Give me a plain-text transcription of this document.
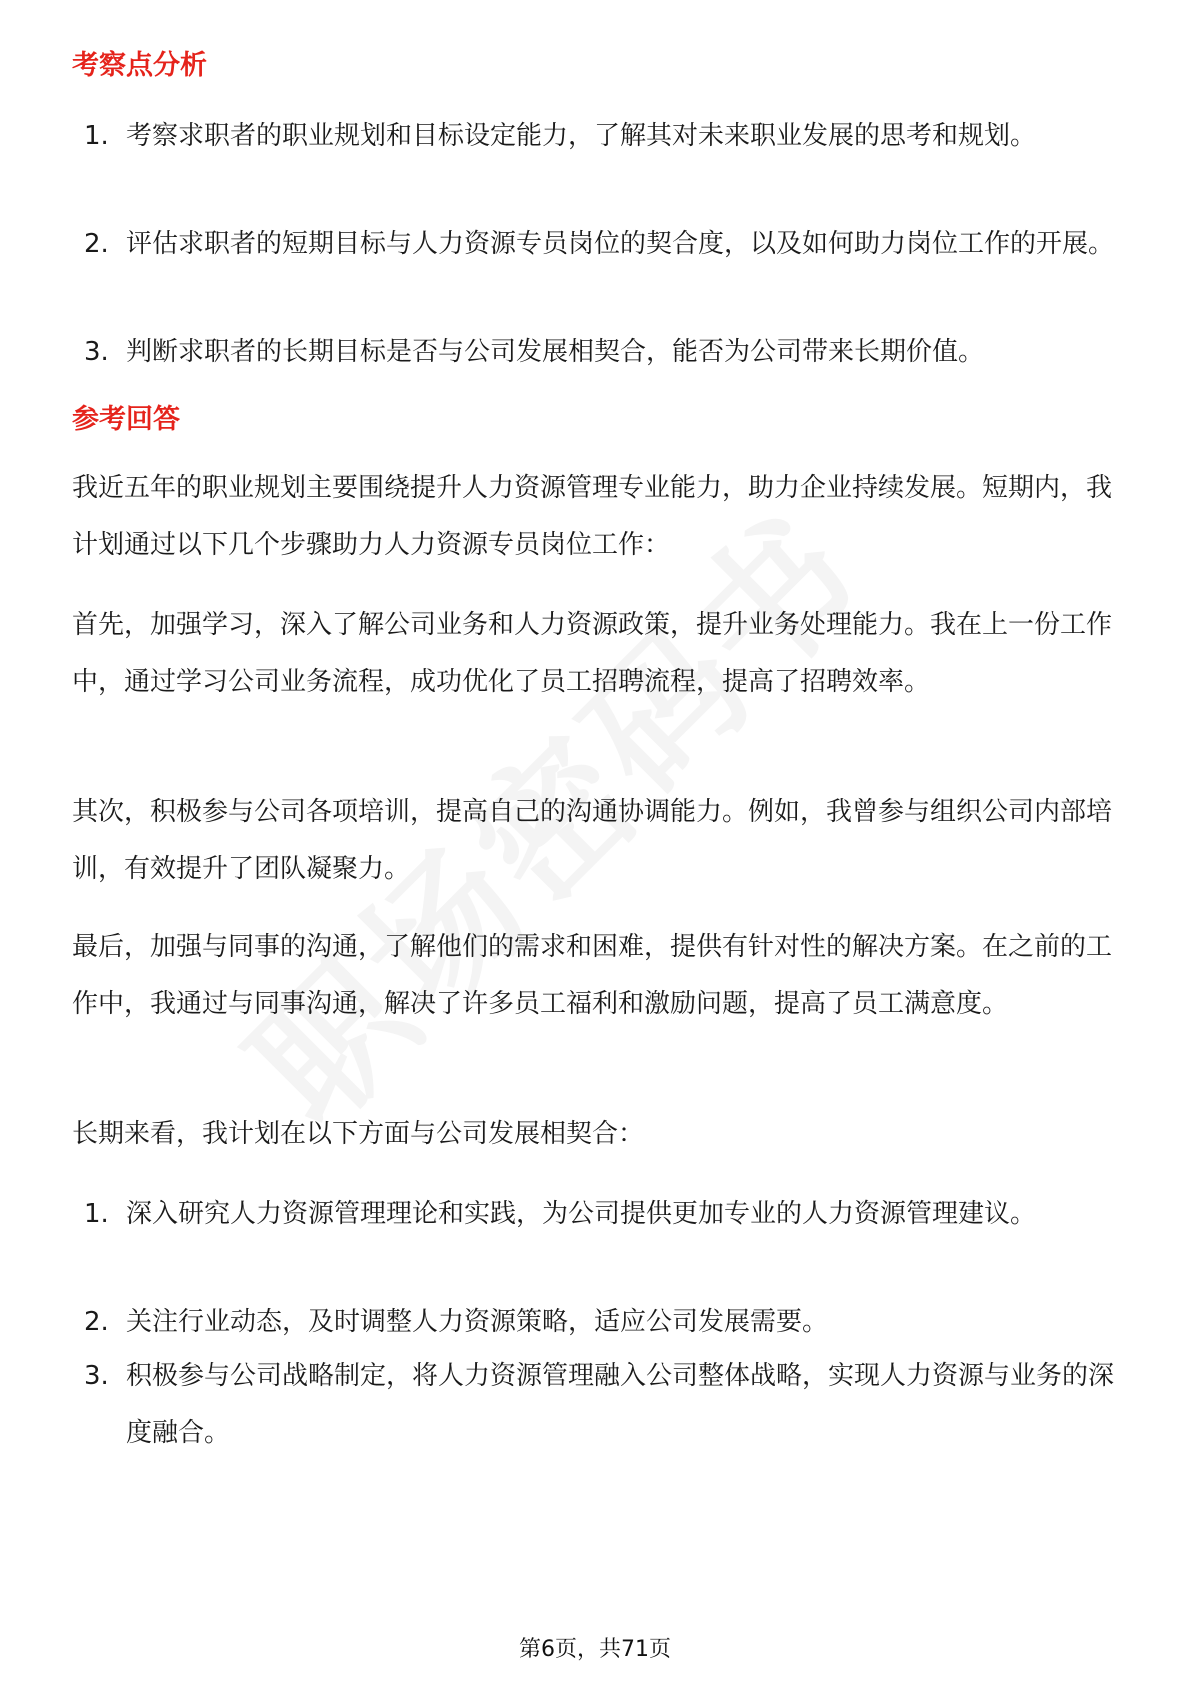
考察点分析
1. 考察求职者的职业规划和目标设定能力，了解其对未来职业发展的思考和规划。
2. 评估求职者的短期目标与人力资源专员岗位的契合度，以及如何助力岗位工作的开展。
3. 判断求职者的长期目标是否与公司发展相契合，能否为公司带来长期价值。
参考回答

我近五年的职业规划主要围绕提升人力资源管理专业能力，助力企业持续发展。短期内，我计划通过以下几个步骤助力人力资源专员岗位工作：

首先，加强学习，深入了解公司业务和人力资源政策，提升业务处理能力。我在上一份工作中，通过学习公司业务流程，成功优化了员工招聘流程，提高了招聘效率。

其次，积极参与公司各项培训，提高自己的沟通协调能力。例如，我曾参与组织公司内部培训，有效提升了团队凝聚力。

最后，加强与同事的沟通，了解他们的需求和困难，提供有针对性的解决方案。在之前的工作中，我通过与同事沟通，解决了许多员工福利和激励问题，提高了员工满意度。

长期来看，我计划在以下方面与公司发展相契合：

1. 深入研究人力资源管理理论和实践，为公司提供更加专业的人力资源管理建议。
2. 关注行业动态，及时调整人力资源策略，适应公司发展需要。
3. 积极参与公司战略制定，将人力资源管理融入公司整体战略，实现人力资源与业务的深度融合。
第6页，共71页
